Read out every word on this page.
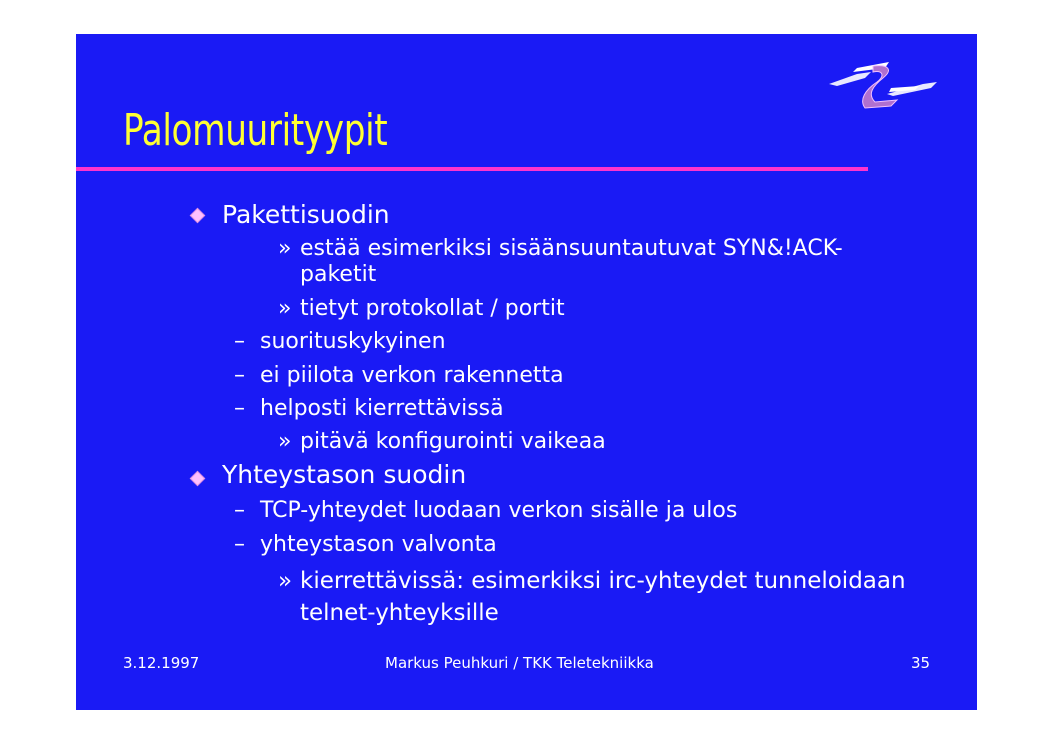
Palomuurityypit
Pakettisuodin
» estää esimerkiksi sisäänsuuntautuvat SYN&!ACK-
paketit
» tietyt protokollat / portit
– suorituskykyinen
– ei piilota verkon rakennetta
– helposti kierrettävissä
» pitävä konfigurointi vaikeaa
Yhteystason suodin
– TCP-yhteydet luodaan verkon sisälle ja ulos
– yhteystason valvonta
» kierrettävissä: esimerkiksi irc-yhteydet tunneloidaan
telnet-yhteyksille
3.12.1997	Markus Peuhkuri / TKK Teletekniikka	35
